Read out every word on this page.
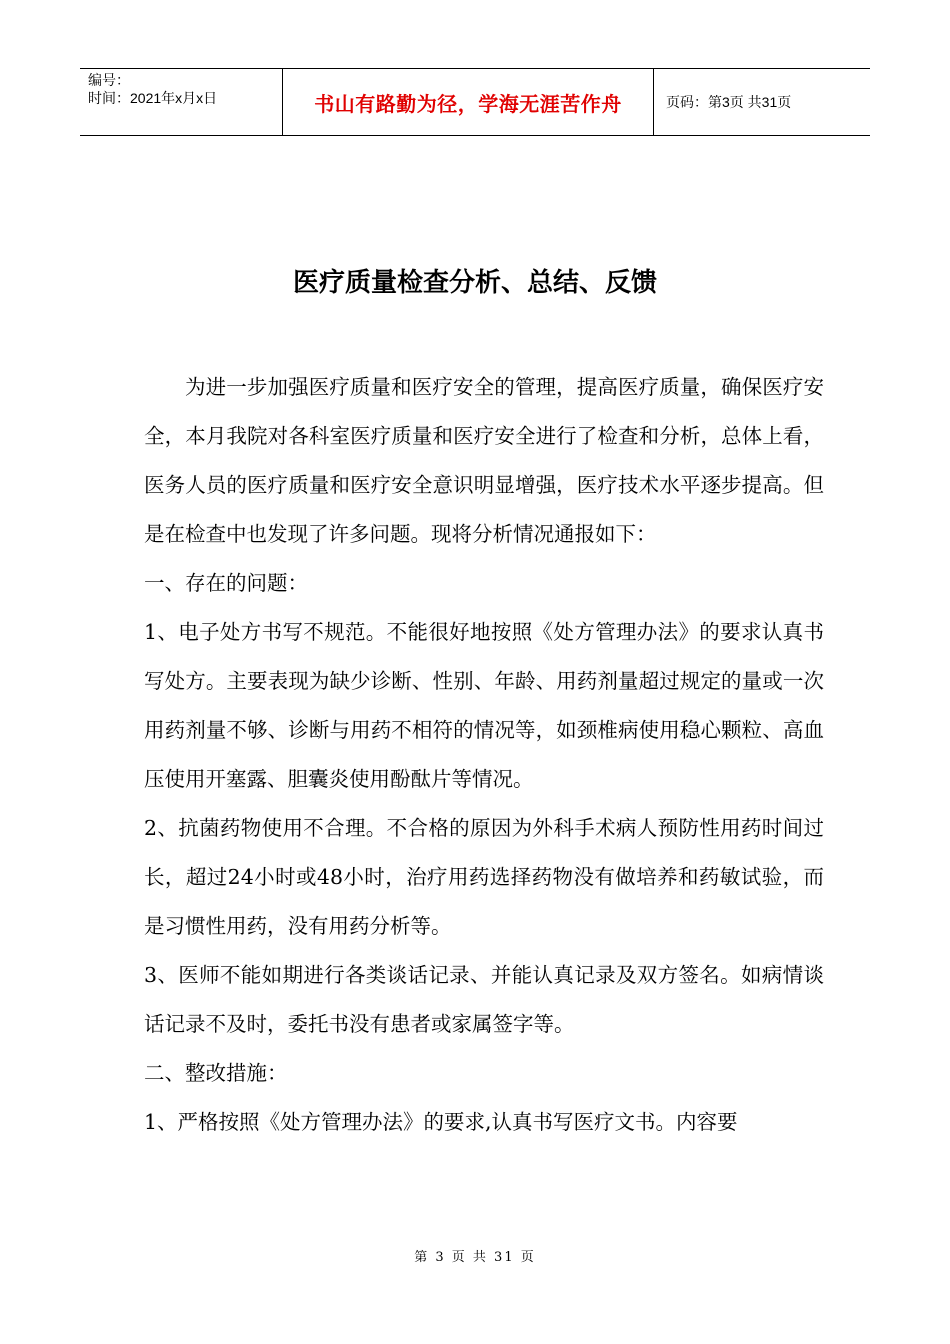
编号：
时间：2021年x月x日	书山有路勤为径，学海无涯苦作舟	页码：第3页 共31页
医疗质量检查分析、总结、反馈

为进一步加强医疗质量和医疗安全的管理，提高医疗质量，确保医疗安全，本月我院对各科室医疗质量和医疗安全进行了检查和分析，总体上看，医务人员的医疗质量和医疗安全意识明显增强，医疗技术水平逐步提高。但是在检查中也发现了许多问题。现将分析情况通报如下：

一、存在的问题：

1、电子处方书写不规范。不能很好地按照《处方管理办法》的要求认真书写处方。主要表现为缺少诊断、性别、年龄、用药剂量超过规定的量或一次用药剂量不够、诊断与用药不相符的情况等，如颈椎病使用稳心颗粒、高血压使用开塞露、胆囊炎使用酚酞片等情况。

2、抗菌药物使用不合理。不合格的原因为外科手术病人预防性用药时间过长，超过24小时或48小时，治疗用药选择药物没有做培养和药敏试验，而是习惯性用药，没有用药分析等。

3、医师不能如期进行各类谈话记录、并能认真记录及双方签名。如病情谈话记录不及时，委托书没有患者或家属签字等。

二、整改措施：

1、严格按照《处方管理办法》的要求,认真书写医疗文书。内容要

第 3 页 共 31 页
